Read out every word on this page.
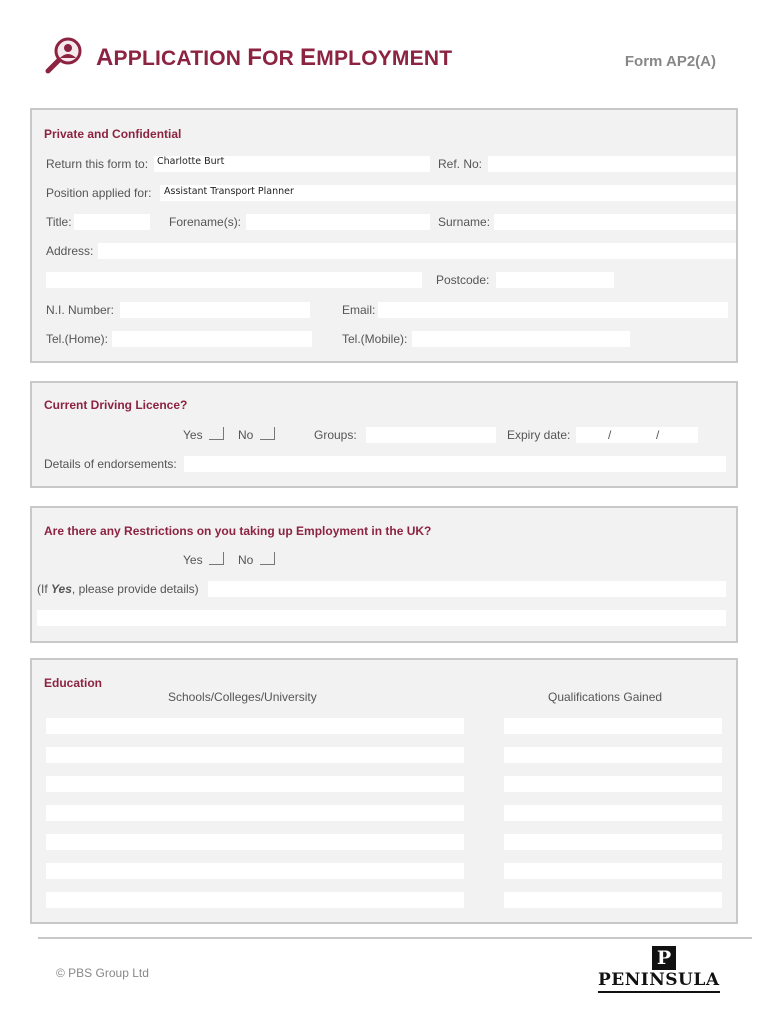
APPLICATION FOR EMPLOYMENT	Form AP2(A)
Private and Confidential
Return this form to: Charlotte Burt	Ref. No:
Position applied for: Assistant Transport Planner
Title:	Forename(s):	Surname:
Address:
Postcode:
N.I. Number:	Email:
Tel.(Home):	Tel.(Mobile):
Current Driving Licence?
Yes	No	Groups:	Expiry date:	/	/
Details of endorsements:
Are there any Restrictions on you taking up Employment in the UK?
Yes	No
(If Yes, please provide details)
Education
Schools/Colleges/University	Qualifications Gained
© PBS Group Ltd
P
PENINSULA
